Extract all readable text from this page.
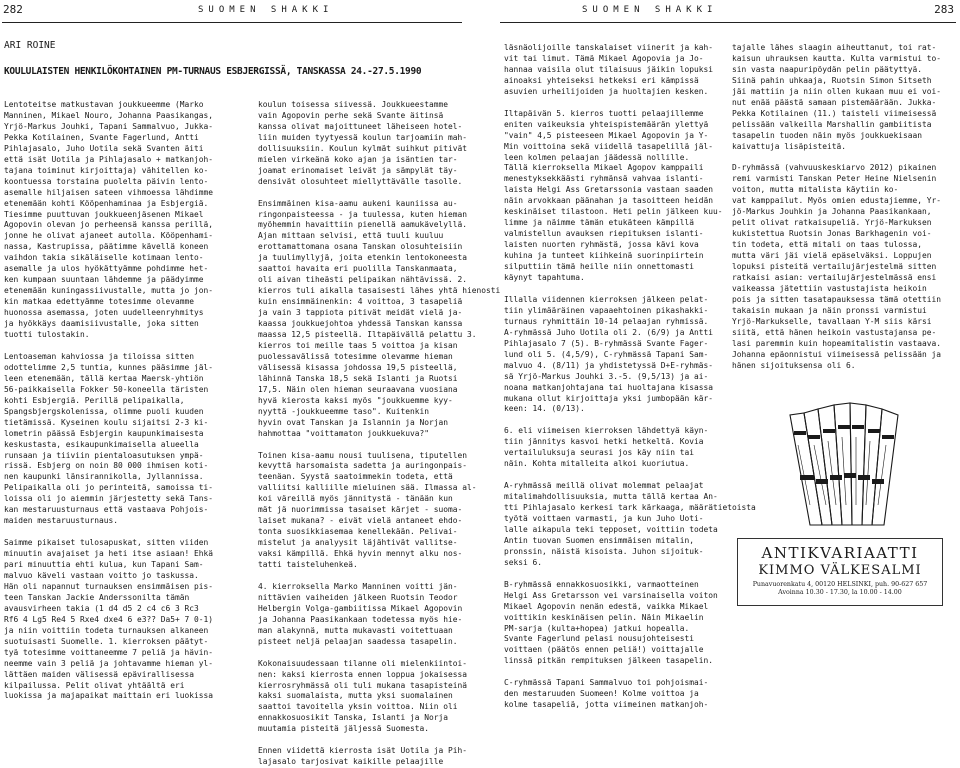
282	SUOMEN SHAKKI	SUOMEN SHAKKI	283
ARI ROINE
KOULULAISTEN HENKILÖKOHTAINEN PM-TURNAUS ESBJERGISSÄ, TANSKASSA 24.-27.5.1990
Lentoteitse matkustavan joukkueemme (Marko
Manninen, Mikael Nouro, Johanna Paasikangas,
Yrjö-Markus Jouhki, Tapani Sammalvuo, Jukka-
Pekka Kotilainen, Svante Fagerlund, Antti
Pihlajasalo, Juho Uotila sekä Svanten äiti
että isät Uotila ja Pihlajasalo + matkanjoh-
tajana toiminut kirjoittaja) vähitellen ko-
koontuessa torstaina puolelta päivin lento-
asemalle hiljaisen sateen vihmoessa lähdimme
etenemään kohti Kööpenhaminaa ja Esbjergiä.
Tiesimme puuttuvan joukkueenjäsenen Mikael
Agopovin olevan jo perheensä kanssa perillä,
jonne he olivat ajaneet autolla. Kööpenhami-
nassa, Kastrupissa, päätimme kävellä koneen
vaihdon takia sikäläiselle kotimaan lento-
asemalle ja ulos hyökättyämme pohdimme het-
ken kumpaan suuntaan lähdemme ja päädyimme
etenemään kuningassiivustalle, mutta jo jon-
kin matkaa edettyämme totesimme olevamme
huonossa asemassa, joten uudelleenryhmitys
ja hyökkäys daamisiivustalle, joka sitten
tuotti tulostakin.

Lentoaseman kahviossa ja tiloissa sitten
odottelimme 2,5 tuntia, kunnes pääsimme jäl-
leen etenemään, tällä kertaa Maersk-yhtiön
56-paikkaisella Fokker 50-koneella täristen
kohti Esbjergiä. Perillä pelipaikalla,
Spangsbjergskolenissa, olimme puoli kuuden
tietämissä. Kyseinen koulu sijaitsi 2-3 ki-
lometrin päässä Esbjergin kaupunkimaisesta
keskustasta, esikaupunkimaisella alueella
runsaan ja tiiviin pientaloasutuksen ympä-
rissä. Esbjerg on noin 80 000 ihmisen koti-
nen kaupunki länsirannikolla, Jyllannissa.
Pelipaikalla oli jo perinteitä, samoissa ti-
loissa oli jo aiemmin järjestetty sekä Tans-
kan mestaruusturnaus että vastaava Pohjois-
maiden mestaruusturnaus.

Saimme pikaiset tulosapuskat, sitten viiden
minuutin avajaiset ja heti itse asiaan! Ehkä
pari minuuttia ehti kulua, kun Tapani Sam-
malvuo käveli vastaan voitto jo taskussa.
Hän oli napannut turnauksen ensimmäisen pis-
teen Tanskan Jackie Anderssonilta tämän
avausvirheen takia (1 d4 d5 2 c4 c6 3 Rc3
Rf6 4 Lg5 Re4 5 Rxe4 dxe4 6 e3?? Da5+ 7 0-1)
ja niin voittiin todeta turnauksen alkaneen
suotuisasti Suomelle. 1. kierroksen päätyt-
tyä totesimme voittaneemme 7 peliä ja hävin-
neemme vain 3 peliä ja johtavamme hieman yl-
lättäen maiden välisessä epävirallisessa
kilpailussa. Pelit olivat yhtäältä eri
luokissa ja majapaikat maittain eri luokissa
koulun toisessa siivessä. Joukkueestamme
vain Agopovin perhe sekä Svante äitinsä
kanssa olivat majoittuneet läheiseen hotel-
liin muiden tyytyessä koulun tarjoamiin mah-
dollisuuksiin. Koulun kylmät suihkut pitivät
mielen virkeänä koko ajan ja isäntien tar-
joamat erinomaiset leivät ja sämpylät täy-
densivät olosuhteet miellyttävälle tasolle.

Ensimmäinen kisa-aamu aukeni kauniissa au-
ringonpaisteessa - ja tuulessa, kuten hieman
myöhemmin havaittiin pienellä aamukävelyllä.
Ajan mittaan selvisi, että tuuli kuuluu
erottamattomana osana Tanskan olosuhteisiin
ja tuulimyllyjä, joita etenkin lentokoneesta
saattoi havaita eri puolilla Tanskanmaata,
oli aivan tiheästi pelipaikan nähtävissä. 2.
kierros tuli aikalla tasaisesti lähes yhtä hienosti
kuin ensimmäinenkin: 4 voittoa, 3 tasapeliä
ja vain 3 tappiota pitivät meidät vielä ja-
kaassa joukkuejohtoa yhdessä Tanskan kanssa
maassa 12,5 pisteellä. Iltapäivällä pelattu 3.
kierros toi meille taas 5 voittoa ja kisan
puolessavälissä totesimme olevamme hieman
välisessä kisassa johdossa 19,5 pisteellä,
lähinnä Tanska 18,5 sekä Islanti ja Ruotsi
17,5. Näin olen hieman seuraavana vuosiana
hyvä kierosta kaksi myös "joukkuemme kyy-
nyyttä -joukkueemme taso". Kuitenkin
hyvin ovat Tanskan ja Islannin ja Norjan
hahmottaa "voittamaton joukkuekuva?"

Toinen kisa-aamu nousi tuulisena, tiputellen
kevyttä harsomaista sadetta ja auringonpais-
teenäan. Syystä saatoimmekin todeta, että
valliitsi kalliille mieluinen sää. Ilmassa al-
koi väreillä myös jännitystä - tänään kun
mät jä nuorimmissa tasaiset kärjet - suoma-
laiset mukana? - eivät vielä antaneet ehdo-
tonta suosikkiasemaa kenellekään. Pelivai-
mistelut ja analyysit läjähtivät vallitse-
vaksi kämpillä. Ehkä hyvin mennyt alku nos-
tatti taisteluhenkeä.

4. kierroksella Marko Manninen voitti jän-
nittävien vaiheiden jälkeen Ruotsin Teodor
Helbergin Volga-gambiitissa Mikael Agopovin
ja Johanna Paasikankaan todetessa myös hie-
man alakynnä, mutta mukavasti voitettuaan
pisteet neljä pelaajan saadessa tasapelin.

Kokonaisuudessaan tilanne oli mielenkiintoi-
nen: kaksi kierrosta ennen loppua jokaisessa
kierrosryhmässä oli tuli mukana tasapisteinä
kaksi suomalaista, mutta yksi suomalainen
saattoi tavoitella yksin voittoa. Niin oli
ennakkosuosikit Tanska, Islanti ja Norja
muutamia pisteitä jäljessä Suomesta.

Ennen viidettä kierrosta isät Uotila ja Pih-
lajasalo tarjosivat kaikille pelaajille
läsnäolijoille tanskalaiset viinerit ja kah-
vit tai limut. Tämä Mikael Agopovia ja Jo-
hannaa vaisila olut tilaisuus jäikin lopuksi
ainoaksi yhteiseksi hetkeksi eri kämpissä
asuvien urheilijoiden ja huoltajien kesken.

Iltapäivän 5. kierros tuotti pelaajillemme
eniten vaikeuksia yhteispistemäärän ylettyä
"vain" 4,5 pisteeseen Mikael Agopovin ja Y-
Min voittoina sekä viidellä tasapelillä jäl-
leen kolmen pelaajan jäädessä nollille.
Tällä kierroksella Mikael Agopov kamppaili
menestyksekkäästi ryhmänsä vahvaa islanti-
laista Helgi Ass Gretarssonia vastaan saaden
näin arvokkaan päänahan ja tasoitteen heidän
keskinäiset tilastoon. Heti pelin jälkeen kuu-
limme ja näimme tämän etukäteen kämpillä
valmistellun avauksen riepituksen islanti-
laisten nuorten ryhmästä, jossa kävi kova
kuhina ja tunteet kiihkeinä suorinpiirtein
silputtiin tämä heille niin onnettomasti
käynyt tapahtuma.

Illalla viidennen kierroksen jälkeen pelat-
tiin ylimääräinen vapaaehtoinen pikashakki-
turnaus ryhmittäin 10-14 pelaajan ryhmissä.
A-ryhmässä Juho Uotila oli 2. (6/9) ja Antti
Pihlajasalo 7 (5). B-ryhmässä Svante Fager-
lund oli 5. (4,5/9), C-ryhmässä Tapani Sam-
malvuo 4. (8/11) ja yhdistetyssä D+E-ryhmäs-
sä Yrjö-Markus Jouhki 3.-5. (9,5/13) ja ai-
noana matkanjohtajana tai huoltajana kisassa
mukana ollut kirjoittaja yksi jumbopään kär-
keen: 14. (0/13).

6. eli viimeisen kierroksen lähdettyä käyn-
tiin jännitys kasvoi hetki hetkeltä. Kovia
vertailuluksuja seurasi jos käy niin tai
näin. Kohta mitalleita alkoi kuoriutua.

A-ryhmässä meillä olivat molemmat pelaajat
mitalimahdollisuuksia, mutta tällä kertaa An-
tti Pihlajasalo kerkesi tark kärkaaga, määrätietoista
työtä voittaen varmasti, ja kun Juho Uoti-
lalle aikapula teki tepposet, voittiin todeta
Antin tuovan Suomen ensimmäisen mitalin,
pronssin, näistä kisoista. Juhon sijoituk-
seksi 6.

B-ryhmässä ennakkosuosikki, varmaotteinen
Helgi Ass Gretarsson vei varsinaisella voiton
Mikael Agopovin nenän edestä, vaikka Mikael
voittikin keskinäisen pelin. Näin Mikaelin
PM-sarja (kulta+hopea) jatkui hopealla.
Svante Fagerlund pelasi nousujohteisesti
voittaen (päätös ennen peliä!) voittajalle
linssä pitkän rempituksen jälkeen tasapelin.

C-ryhmässä Tapani Sammalvuo toi pohjoismai-
den mestaruuden Suomeen! Kolme voittoa ja
kolme tasapeliä, jotta viimeinen matkanjoh-
tajalle lähes slaagin aiheuttanut, toi rat-
kaisun uhrauksen kautta. Kulta varmistui to-
sin vasta naapuripöydän pelin päätyttyä.
Siinä pahin uhkaaja, Ruotsin Simon Sitseth
jäi mattiin ja niin ollen kukaan muu ei voi-
nut enää päästä samaan pistemäärään. Jukka-
Pekka Kotilainen (11.) taisteli viimeisessä
pelissään valkeilla Marshallin gambiitista
tasapelin tuoden näin myös joukkuekisaan
kaivattuja lisäpisteitä.

D-ryhmässä (vahvuuskeskiarvo 2012) pikainen
remi varmisti Tanskan Peter Heine Nielsenin
voiton, mutta mitalista käytiin ko-
vat kamppailut. Myös omien edustajiemme, Yr-
jö-Markus Jouhkin ja Johanna Paasikankaan,
pelit olivat ratkaisupeliä. Yrjö-Markuksen
kukistettua Ruotsin Jonas Barkhagenin voi-
tin todeta, että mitali on taas tulossa,
mutta väri jäi vielä epäselväksi. Loppujen
lopuksi pisteitä vertailujärjestelmä sitten
ratkaisi asian: vertailujärjestelmässä ensi
vaikeassa jätettiin vastustajista heikoin
pois ja sitten tasatapauksessa tämä otettiin
takaisin mukaan ja näin pronssi varmistui
Yrjö-Markukselle, tavallaan Y-M siis kärsi
siitä, että hänen heikoin vastustajansa pe-
lasi paremmin kuin hopeamitalistin vastaava.
Johanna epäonnistui viimeisessä pelissään ja
hänen sijoituksensa oli 6.
ANTIKVARIAATTI
KIMMO VÄLKESALMI
Punavuorenkatu 4, 00120 HELSINKI, puh. 90-627 657
Avoinna 10.30 - 17.30, la 10.00 - 14.00
